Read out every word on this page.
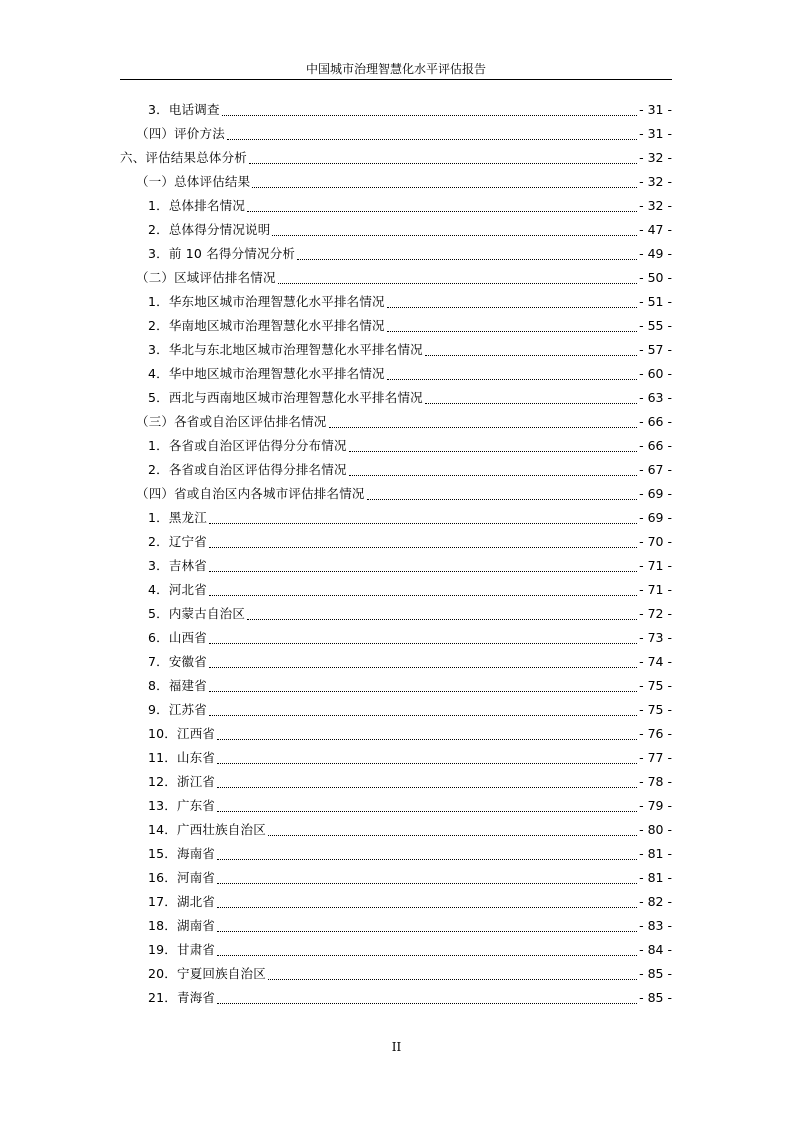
中国城市治理智慧化水平评估报告
3．电话调查	- 31 -
（四）评价方法	- 31 -
六、评估结果总体分析	- 32 -
（一）总体评估结果	- 32 -
1．总体排名情况	- 32 -
2．总体得分情况说明	- 47 -
3．前 10 名得分情况分析	- 49 -
（二）区域评估排名情况	- 50 -
1．华东地区城市治理智慧化水平排名情况	- 51 -
2．华南地区城市治理智慧化水平排名情况	- 55 -
3．华北与东北地区城市治理智慧化水平排名情况	- 57 -
4．华中地区城市治理智慧化水平排名情况	- 60 -
5．西北与西南地区城市治理智慧化水平排名情况	- 63 -
（三）各省或自治区评估排名情况	- 66 -
1．各省或自治区评估得分分布情况	- 66 -
2．各省或自治区评估得分排名情况	- 67 -
（四）省或自治区内各城市评估排名情况	- 69 -
1．黑龙江	- 69 -
2．辽宁省	- 70 -
3．吉林省	- 71 -
4．河北省	- 71 -
5．内蒙古自治区	- 72 -
6．山西省	- 73 -
7．安徽省	- 74 -
8．福建省	- 75 -
9．江苏省	- 75 -
10．江西省	- 76 -
11．山东省	- 77 -
12．浙江省	- 78 -
13．广东省	- 79 -
14．广西壮族自治区	- 80 -
15．海南省	- 81 -
16．河南省	- 81 -
17．湖北省	- 82 -
18．湖南省	- 83 -
19．甘肃省	- 84 -
20．宁夏回族自治区	- 85 -
21．青海省	- 85 -
II
